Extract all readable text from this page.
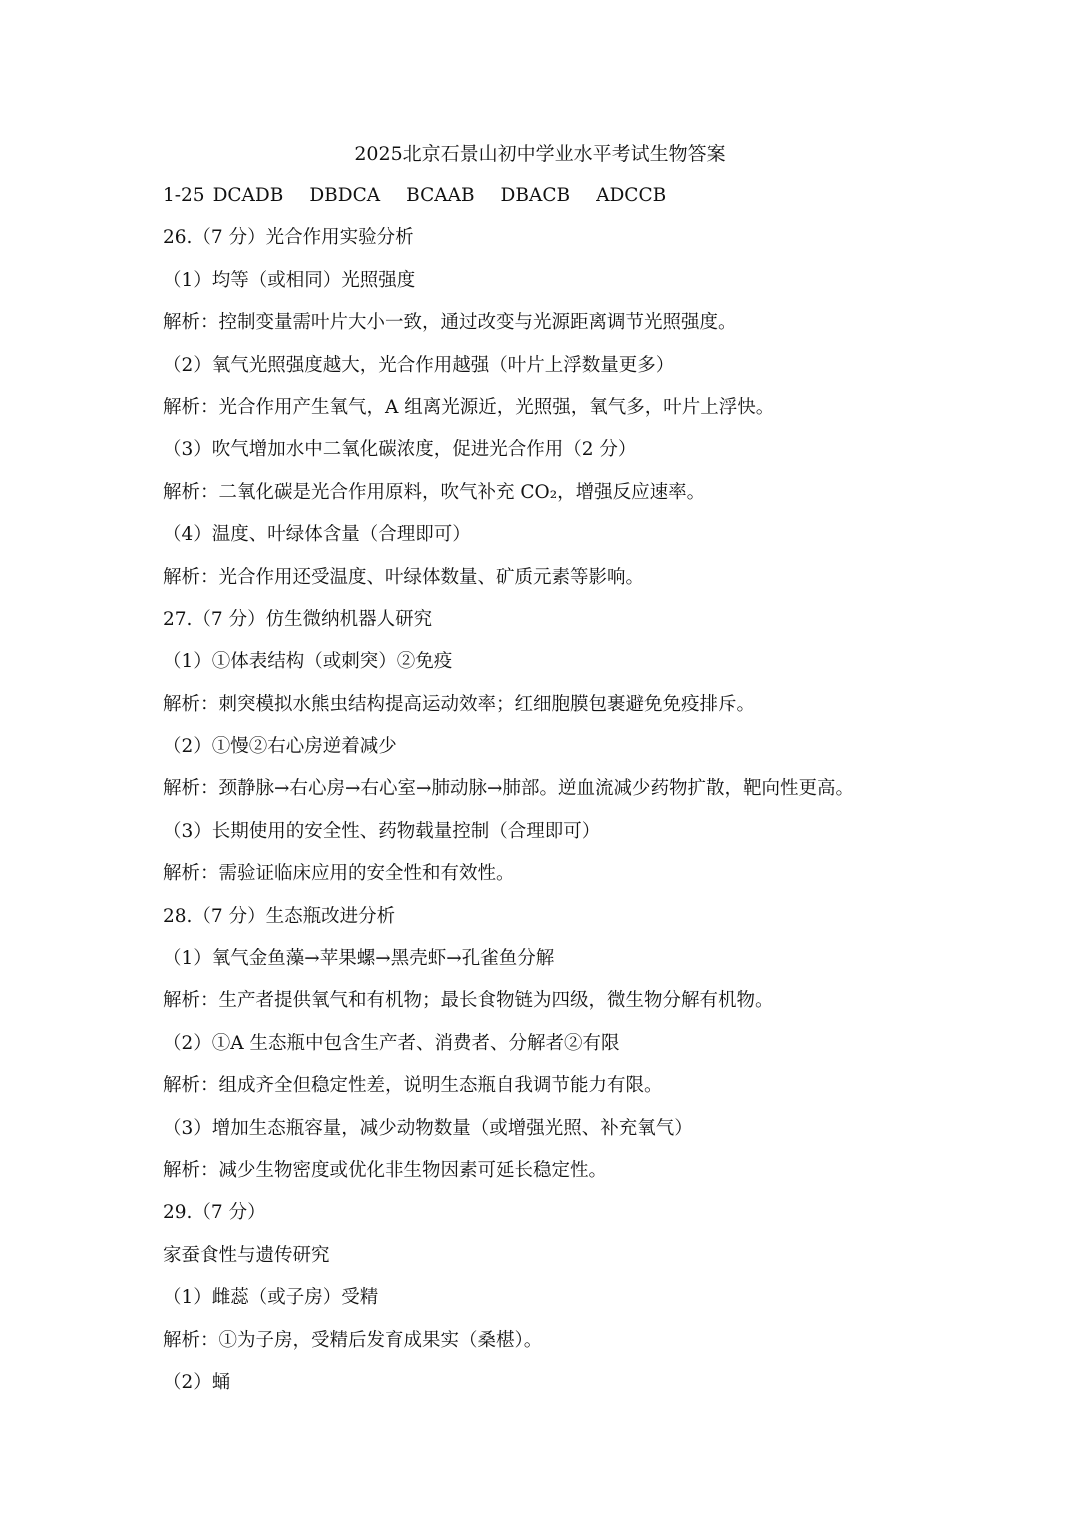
2025北京石景山初中学业水平考试生物答案
1-25 DCADB DBDCA BCAAB DBACB ADCCB
26.（7 分）光合作用实验分析
（1）均等（或相同）光照强度
解析：控制变量需叶片大小一致，通过改变与光源距离调节光照强度。
（2）氧气光照强度越大，光合作用越强（叶片上浮数量更多）
解析：光合作用产生氧气，A 组离光源近，光照强，氧气多，叶片上浮快。
（3）吹气增加水中二氧化碳浓度，促进光合作用（2 分）
解析：二氧化碳是光合作用原料，吹气补充 CO₂，增强反应速率。
（4）温度、叶绿体含量（合理即可）
解析：光合作用还受温度、叶绿体数量、矿质元素等影响。
27.（7 分）仿生微纳机器人研究
（1）①体表结构（或刺突）②免疫
解析：刺突模拟水熊虫结构提高运动效率；红细胞膜包裹避免免疫排斥。
（2）①慢②右心房逆着减少
解析：颈静脉→右心房→右心室→肺动脉→肺部。逆血流减少药物扩散，靶向性更高。
（3）长期使用的安全性、药物载量控制（合理即可）
解析：需验证临床应用的安全性和有效性。
28.（7 分）生态瓶改进分析
（1）氧气金鱼藻→苹果螺→黑壳虾→孔雀鱼分解
解析：生产者提供氧气和有机物；最长食物链为四级，微生物分解有机物。
（2）①A 生态瓶中包含生产者、消费者、分解者②有限
解析：组成齐全但稳定性差，说明生态瓶自我调节能力有限。
（3）增加生态瓶容量，减少动物数量（或增强光照、补充氧气）
解析：减少生物密度或优化非生物因素可延长稳定性。
29.（7 分）
家蚕食性与遗传研究
（1）雌蕊（或子房）受精
解析：①为子房，受精后发育成果实（桑椹）。
（2）蛹
